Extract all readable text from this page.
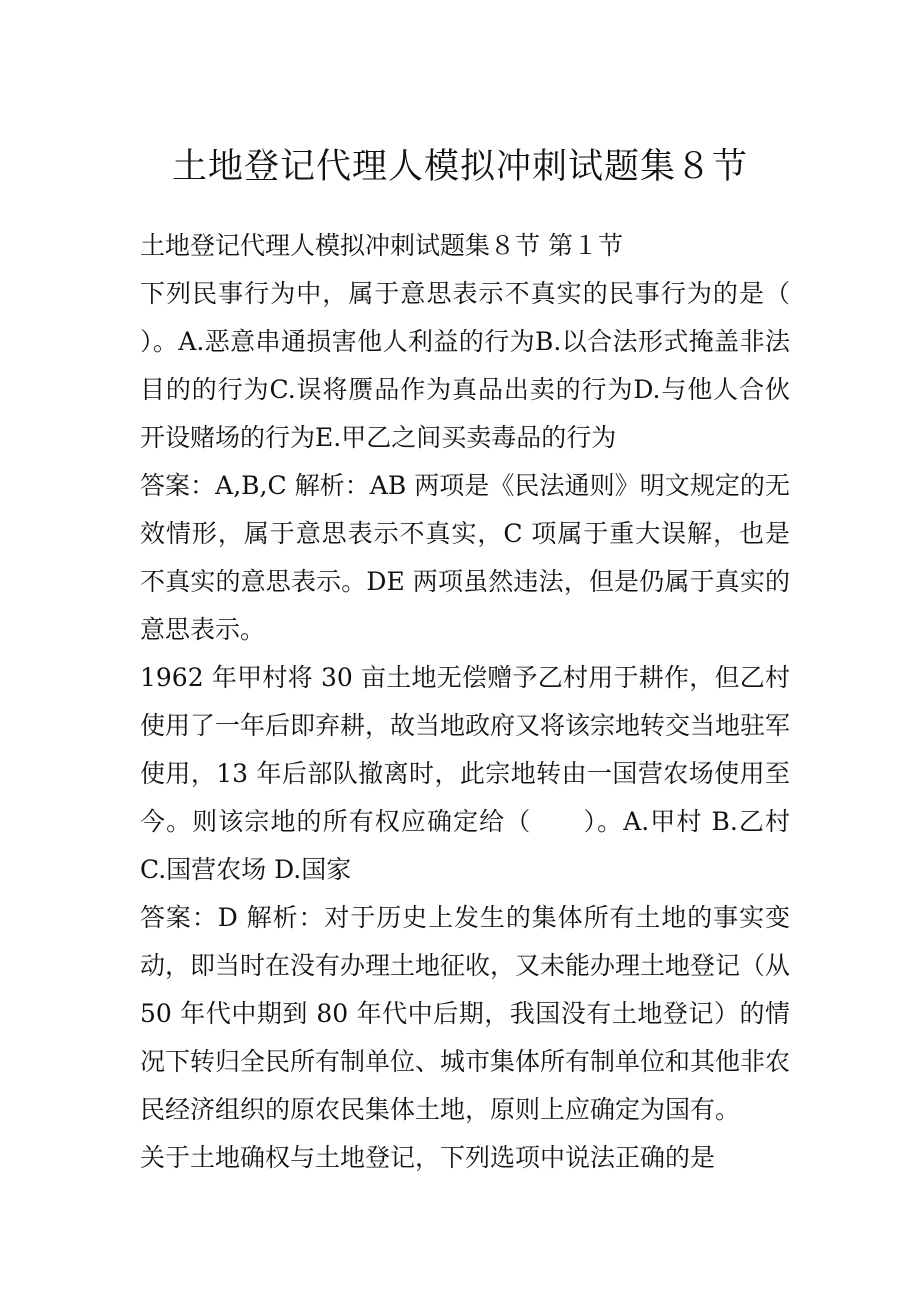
土地登记代理人模拟冲刺试题集８节

土地登记代理人模拟冲刺试题集８节 第１节

下列民事行为中，属于意思表示不真实的民事行为的是（　　）。A.恶意串通损害他人利益的行为B.以合法形式掩盖非法目的的行为C.误将赝品作为真品出卖的行为D.与他人合伙开设赌场的行为E.甲乙之间买卖毒品的行为

答案：A,B,C 解析：AB 两项是《民法通则》明文规定的无效情形，属于意思表示不真实，C 项属于重大误解，也是不真实的意思表示。DE 两项虽然违法，但是仍属于真实的意思表示。

1962 年甲村将 30 亩土地无偿赠予乙村用于耕作，但乙村使用了一年后即弃耕，故当地政府又将该宗地转交当地驻军使用，13 年后部队撤离时，此宗地转由一国营农场使用至今。则该宗地的所有权应确定给（　　）。A.甲村 B.乙村 C.国营农场 D.国家

答案：D 解析：对于历史上发生的集体所有土地的事实变动，即当时在没有办理土地征收，又未能办理土地登记（从 50 年代中期到 80 年代中后期，我国没有土地登记）的情况下转归全民所有制单位、城市集体所有制单位和其他非农民经济组织的原农民集体土地，原则上应确定为国有。

关于土地确权与土地登记，下列选项中说法正确的是
